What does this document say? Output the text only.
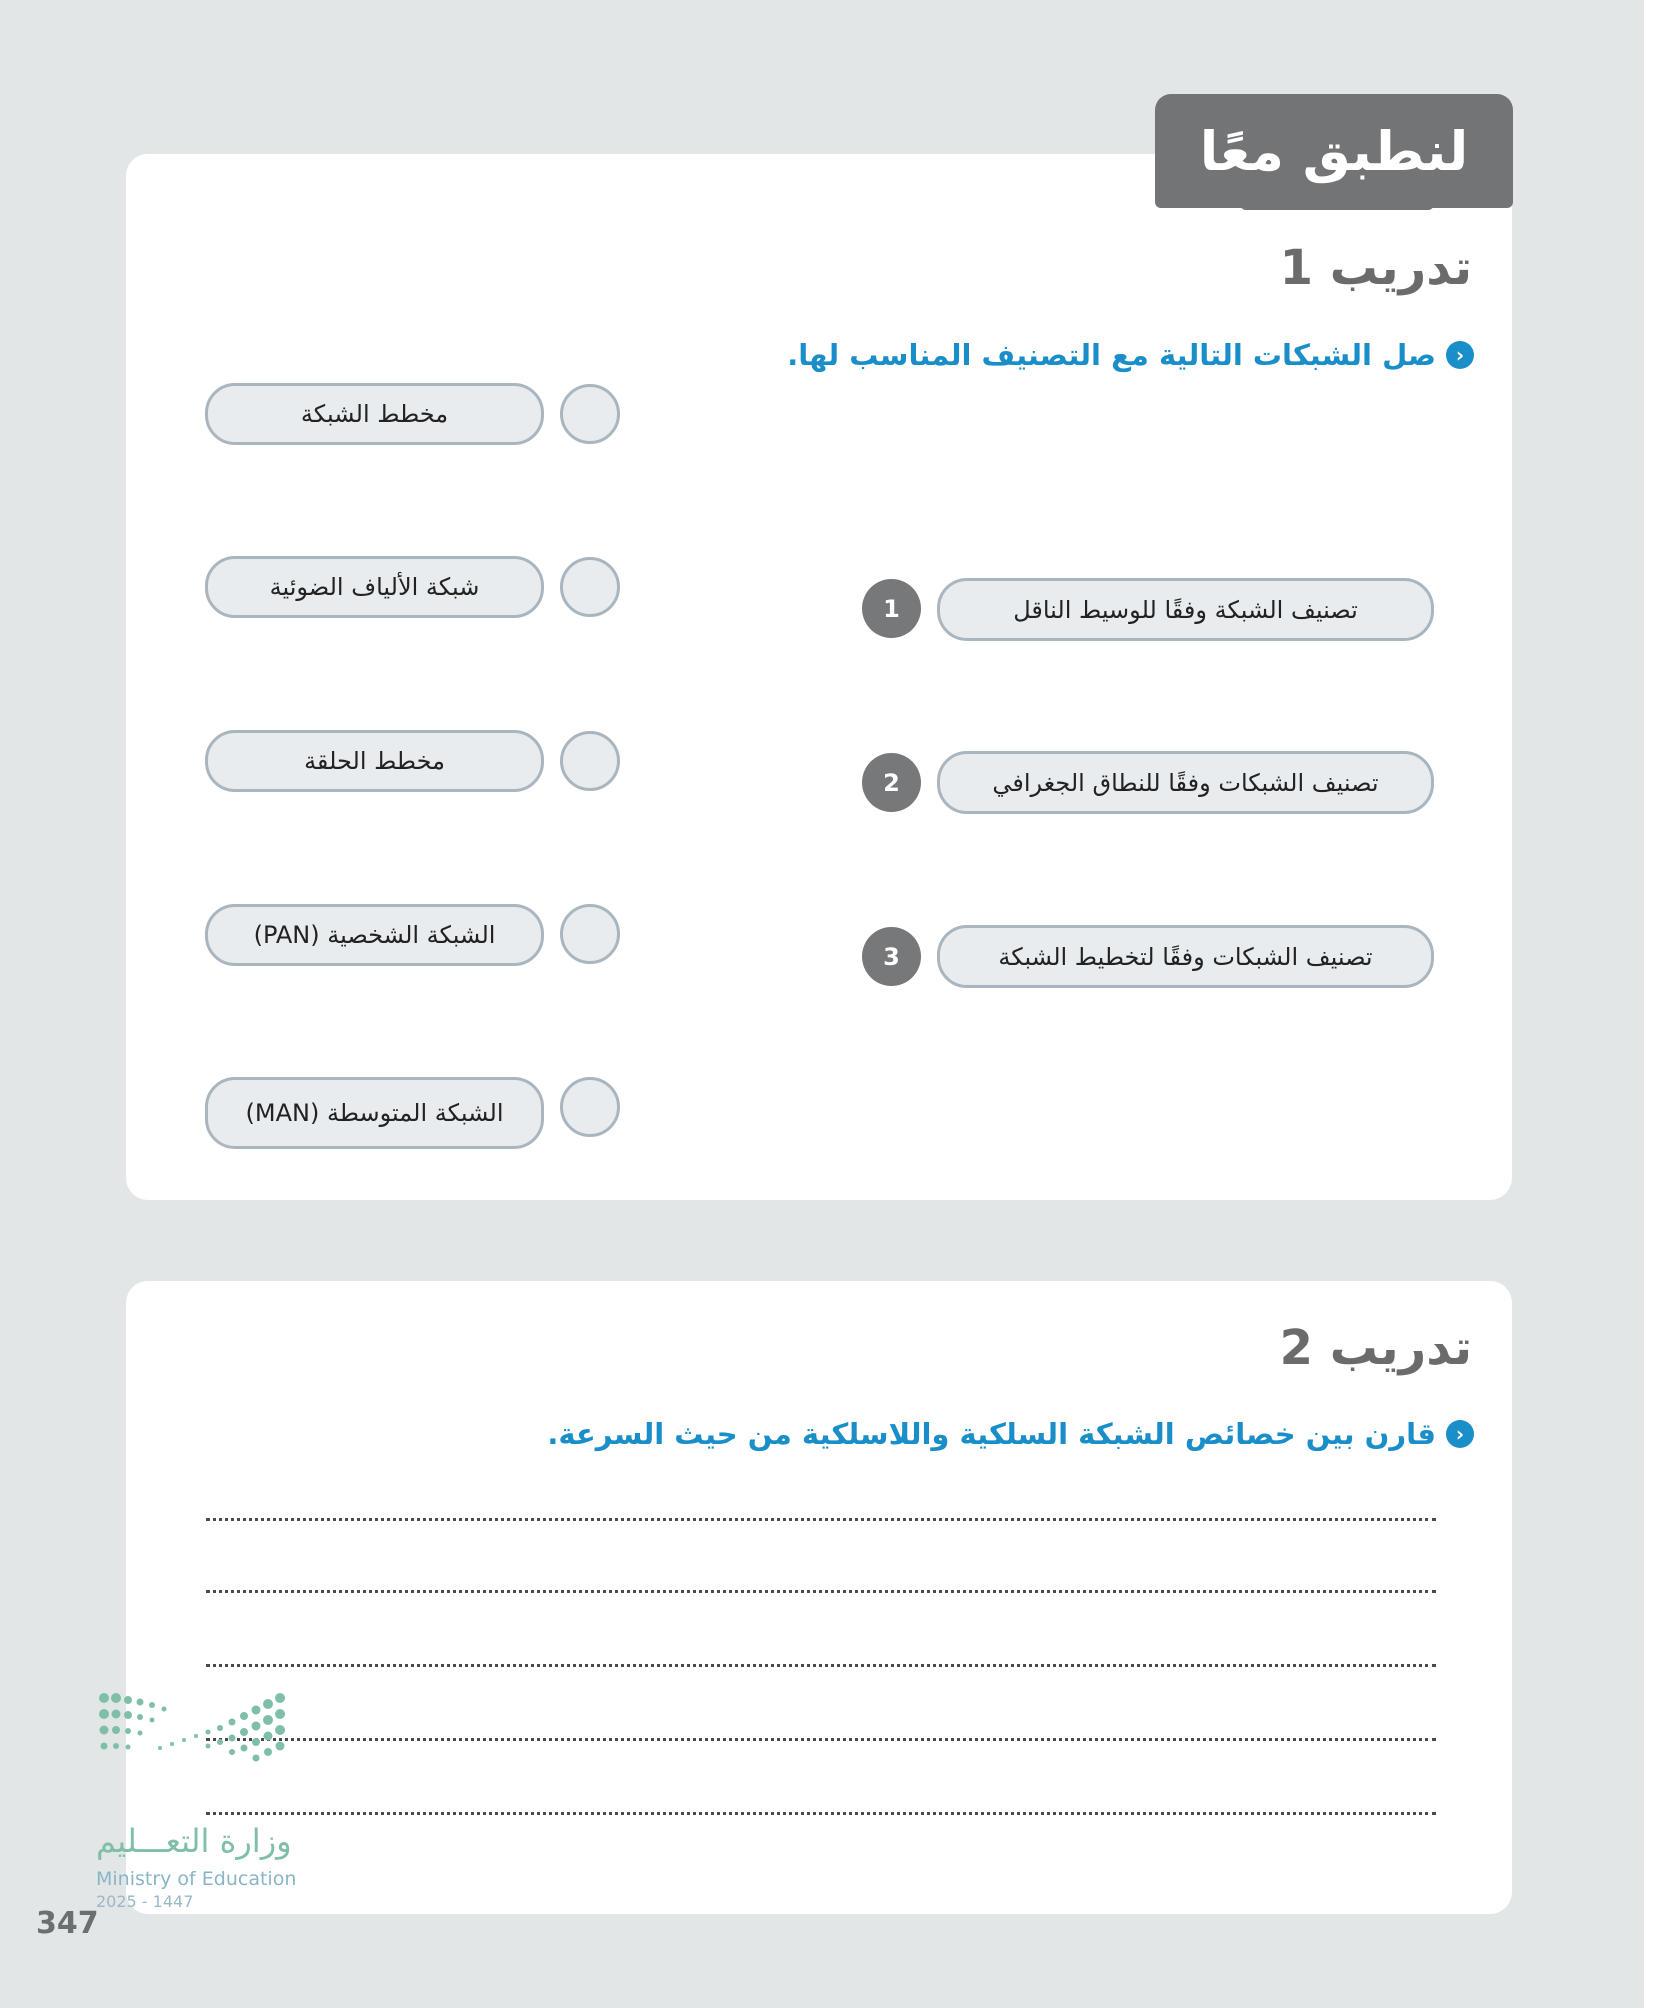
لنطبق معًا
تدريب 1
‹
صل الشبكات التالية مع التصنيف المناسب لها.
مخطط الشبكة
شبكة الألياف الضوئية
مخطط الحلقة
الشبكة الشخصية (PAN)
الشبكة المتوسطة (MAN)
تصنيف الشبكة وفقًا للوسيط الناقل
1
تصنيف الشبكات وفقًا للنطاق الجغرافي
2
تصنيف الشبكات وفقًا لتخطيط الشبكة
3
تدريب 2
‹
قارن بين خصائص الشبكة السلكية واللاسلكية من حيث السرعة.
وزارة التعـــليم
Ministry of Education
2025 - 1447
347
